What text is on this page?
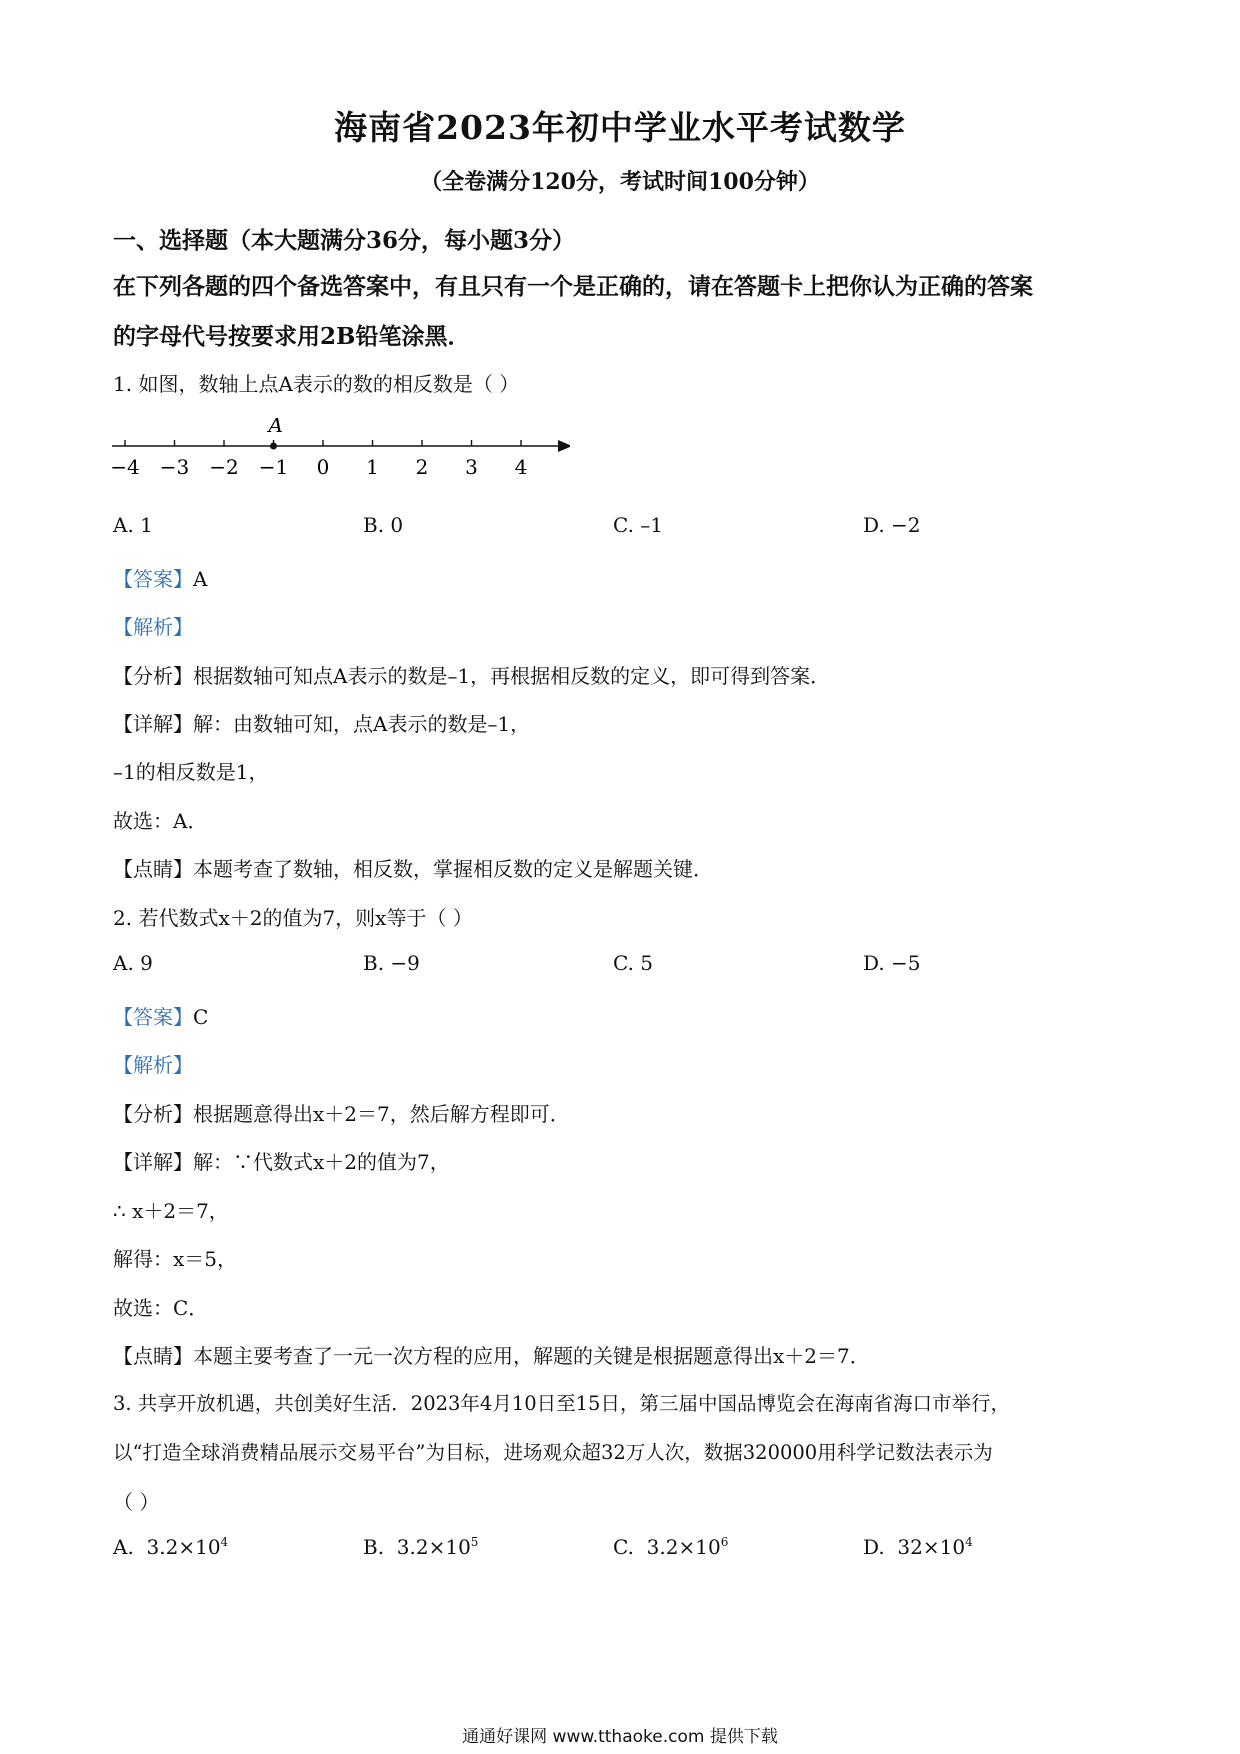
海南省2023年初中学业水平考试数学
（全卷满分120分，考试时间100分钟）
一、选择题（本大题满分36分，每小题3分）
在下列各题的四个备选答案中，有且只有一个是正确的，请在答题卡上把你认为正确的答案
的字母代号按要求用2B铅笔涂黑．
1. 如图，数轴上点A表示的数的相反数是（ ）
−4 −3 −2 −1 0 1 2 3 4
A
A. 1	B. 0	C. –1	D. −2
【答案】A
【解析】
【分析】根据数轴可知点A表示的数是–1，再根据相反数的定义，即可得到答案．
【详解】解：由数轴可知，点A表示的数是–1，
–1的相反数是1，
故选：A．
【点睛】本题考查了数轴，相反数，掌握相反数的定义是解题关键．
2. 若代数式x＋2的值为7，则x等于（ ）
A. 9	B. −9	C. 5	D. −5
【答案】C
【解析】
【分析】根据题意得出x＋2＝7，然后解方程即可．
【详解】解：∵代数式x＋2的值为7，
∴ x＋2＝7，
解得：x＝5，
故选：C．
【点睛】本题主要考查了一元一次方程的应用，解题的关键是根据题意得出x＋2＝7．
3. 共享开放机遇，共创美好生活．2023年4月10日至15日，第三届中国品博览会在海南省海口市举行，
以“打造全球消费精品展示交易平台”为目标，进场观众超32万人次，数据320000用科学记数法表示为
（ ）
A. $3.2\times 10^4$	B. $3.2\times 10^5$	C. $3.2\times 10^6$	D. $32\times 10^4$
通通好课网 www.tthaoke.com 提供下载
